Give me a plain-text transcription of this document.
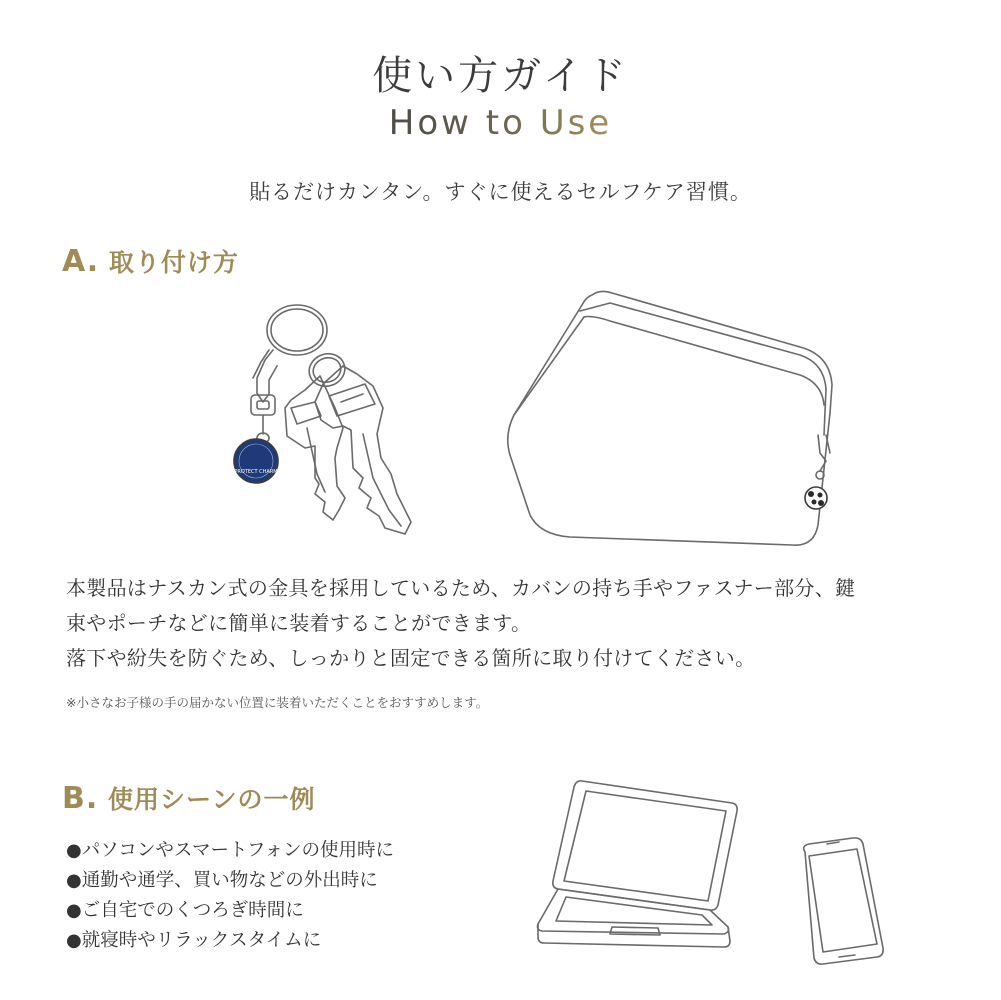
使い方ガイド
How to Use

貼るだけカンタン。すぐに使えるセルフケア習慣。

A. 取り付け方
PROTECT CHARM
本製品はナスカン式の金具を採用しているため、カバンの持ち手やファスナー部分、鍵
束やポーチなどに簡単に装着することができます。
落下や紛失を防ぐため、しっかりと固定できる箇所に取り付けてください。

※小さなお子様の手の届かない位置に装着いただくことをおすすめします。

B. 使用シーンの一例
●パソコンやスマートフォンの使用時に
●通勤や通学、買い物などの外出時に
●ご自宅でのくつろぎ時間に
●就寝時やリラックスタイムに
